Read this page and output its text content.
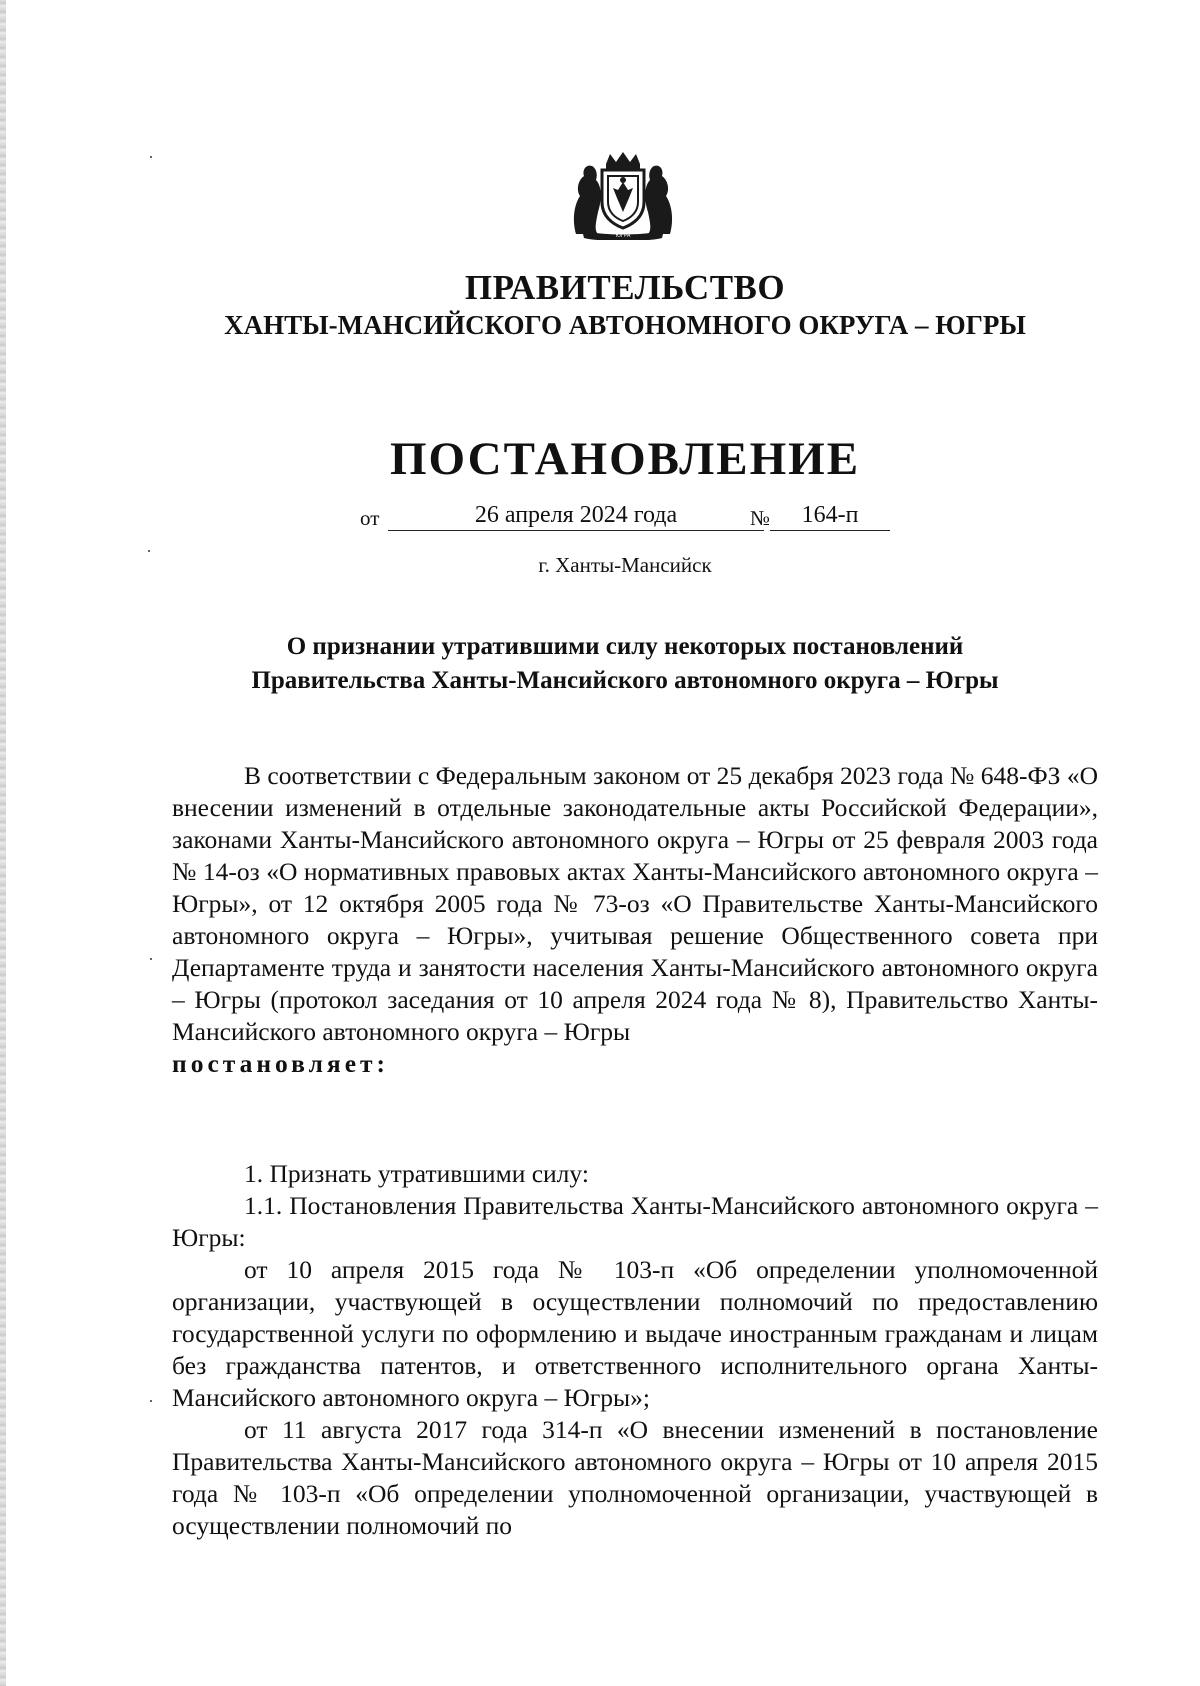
ЮГРА
ПРАВИТЕЛЬСТВО
ХАНТЫ-МАНСИЙСКОГО АВТОНОМНОГО ОКРУГА – ЮГРЫ
ПОСТАНОВЛЕНИЕ
от	26 апреля 2024 года	№	164-п
г. Ханты-Мансийск
О признании утратившими силу некоторых постановлений
Правительства Ханты-Мансийского автономного округа – Югры

В соответствии с Федеральным законом от 25 декабря 2023 года № 648-ФЗ «О внесении изменений в отдельные законодательные акты Российской Федерации», законами Ханты-Мансийского автономного округа – Югры от 25 февраля 2003 года № 14-оз «О нормативных правовых актах Ханты-Мансийского автономного округа – Югры», от 12 октября 2005 года № 73-оз «О Правительстве Ханты-Мансийского автономного округа – Югры», учитывая решение Общественного совета при Департаменте труда и занятости населения Ханты-Мансийского автономного округа – Югры (протокол заседания от 10 апреля 2024 года № 8), Правительство Ханты-Мансийского автономного округа – Югры
постановляет:

1. Признать утратившими силу:

1.1. Постановления Правительства Ханты-Мансийского автономного округа – Югры:

от 10 апреля 2015 года № 103-п «Об определении уполномоченной организации, участвующей в осуществлении полномочий по предоставлению государственной услуги по оформлению и выдаче иностранным гражданам и лицам без гражданства патентов, и ответственного исполнительного органа Ханты-Мансийского автономного округа – Югры»;

от 11 августа 2017 года 314-п «О внесении изменений в постановление Правительства Ханты-Мансийского автономного округа – Югры от 10 апреля 2015 года № 103-п «Об определении уполномоченной организации, участвующей в осуществлении полномочий по
